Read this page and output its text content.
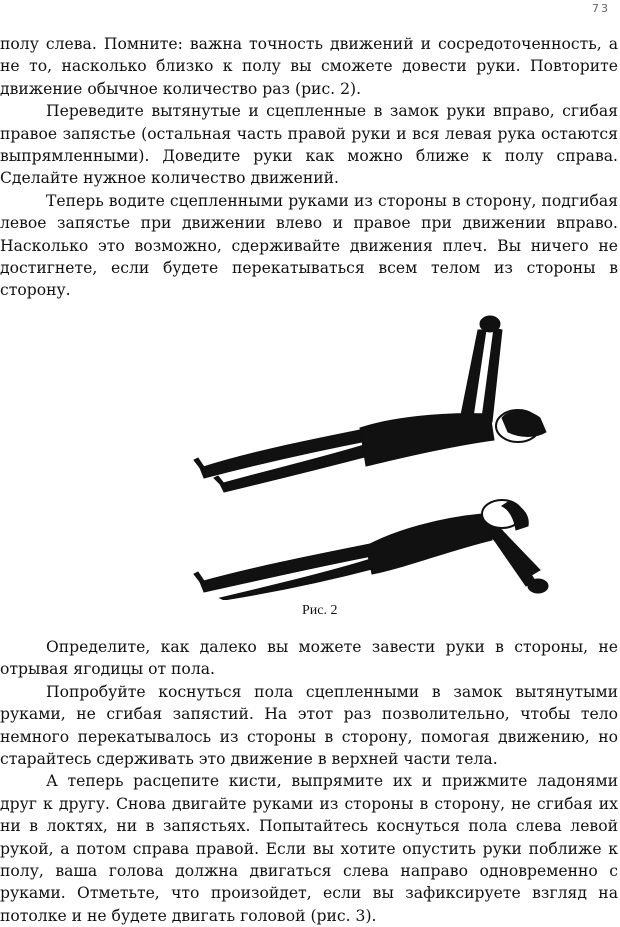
73

полу слева. Помните: важна точность движений и сосредоточенность, а не то, насколько близко к полу вы сможете довести руки. Повторите движение обычное количество раз (рис. 2).

Переведите вытянутые и сцепленные в замок руки вправо, сгибая правое запястье (остальная часть правой руки и вся левая рука остаются выпрямленными). Доведите руки как можно ближе к полу справа. Сделайте нужное количество движений.

Теперь водите сцепленными руками из стороны в сторону, подгибая левое запястье при движении влево и правое при движении вправо. Насколько это возможно, сдерживайте движения плеч. Вы ничего не достигнете, если будете перекатываться всем телом из стороны в сторону.

Рис. 2

Определите, как далеко вы можете завести руки в стороны, не отрывая ягодицы от пола.

Попробуйте коснуться пола сцепленными в замок вытянутыми руками, не сгибая запястий. На этот раз позволительно, чтобы тело немного перекатывалось из стороны в сторону, помогая движению, но старайтесь сдерживать это движение в верхней части тела.

А теперь расцепите кисти, выпрямите их и прижмите ладонями друг к другу. Снова двигайте руками из стороны в сторону, не сгибая их ни в локтях, ни в запястьях. Попытайтесь коснуться пола слева левой рукой, а потом справа правой. Если вы хотите опустить руки поближе к полу, ваша голова должна двигаться слева направо одновременно с руками. Отметьте, что произойдет, если вы зафиксируете взгляд на потолке и не будете двигать головой (рис. 3).
